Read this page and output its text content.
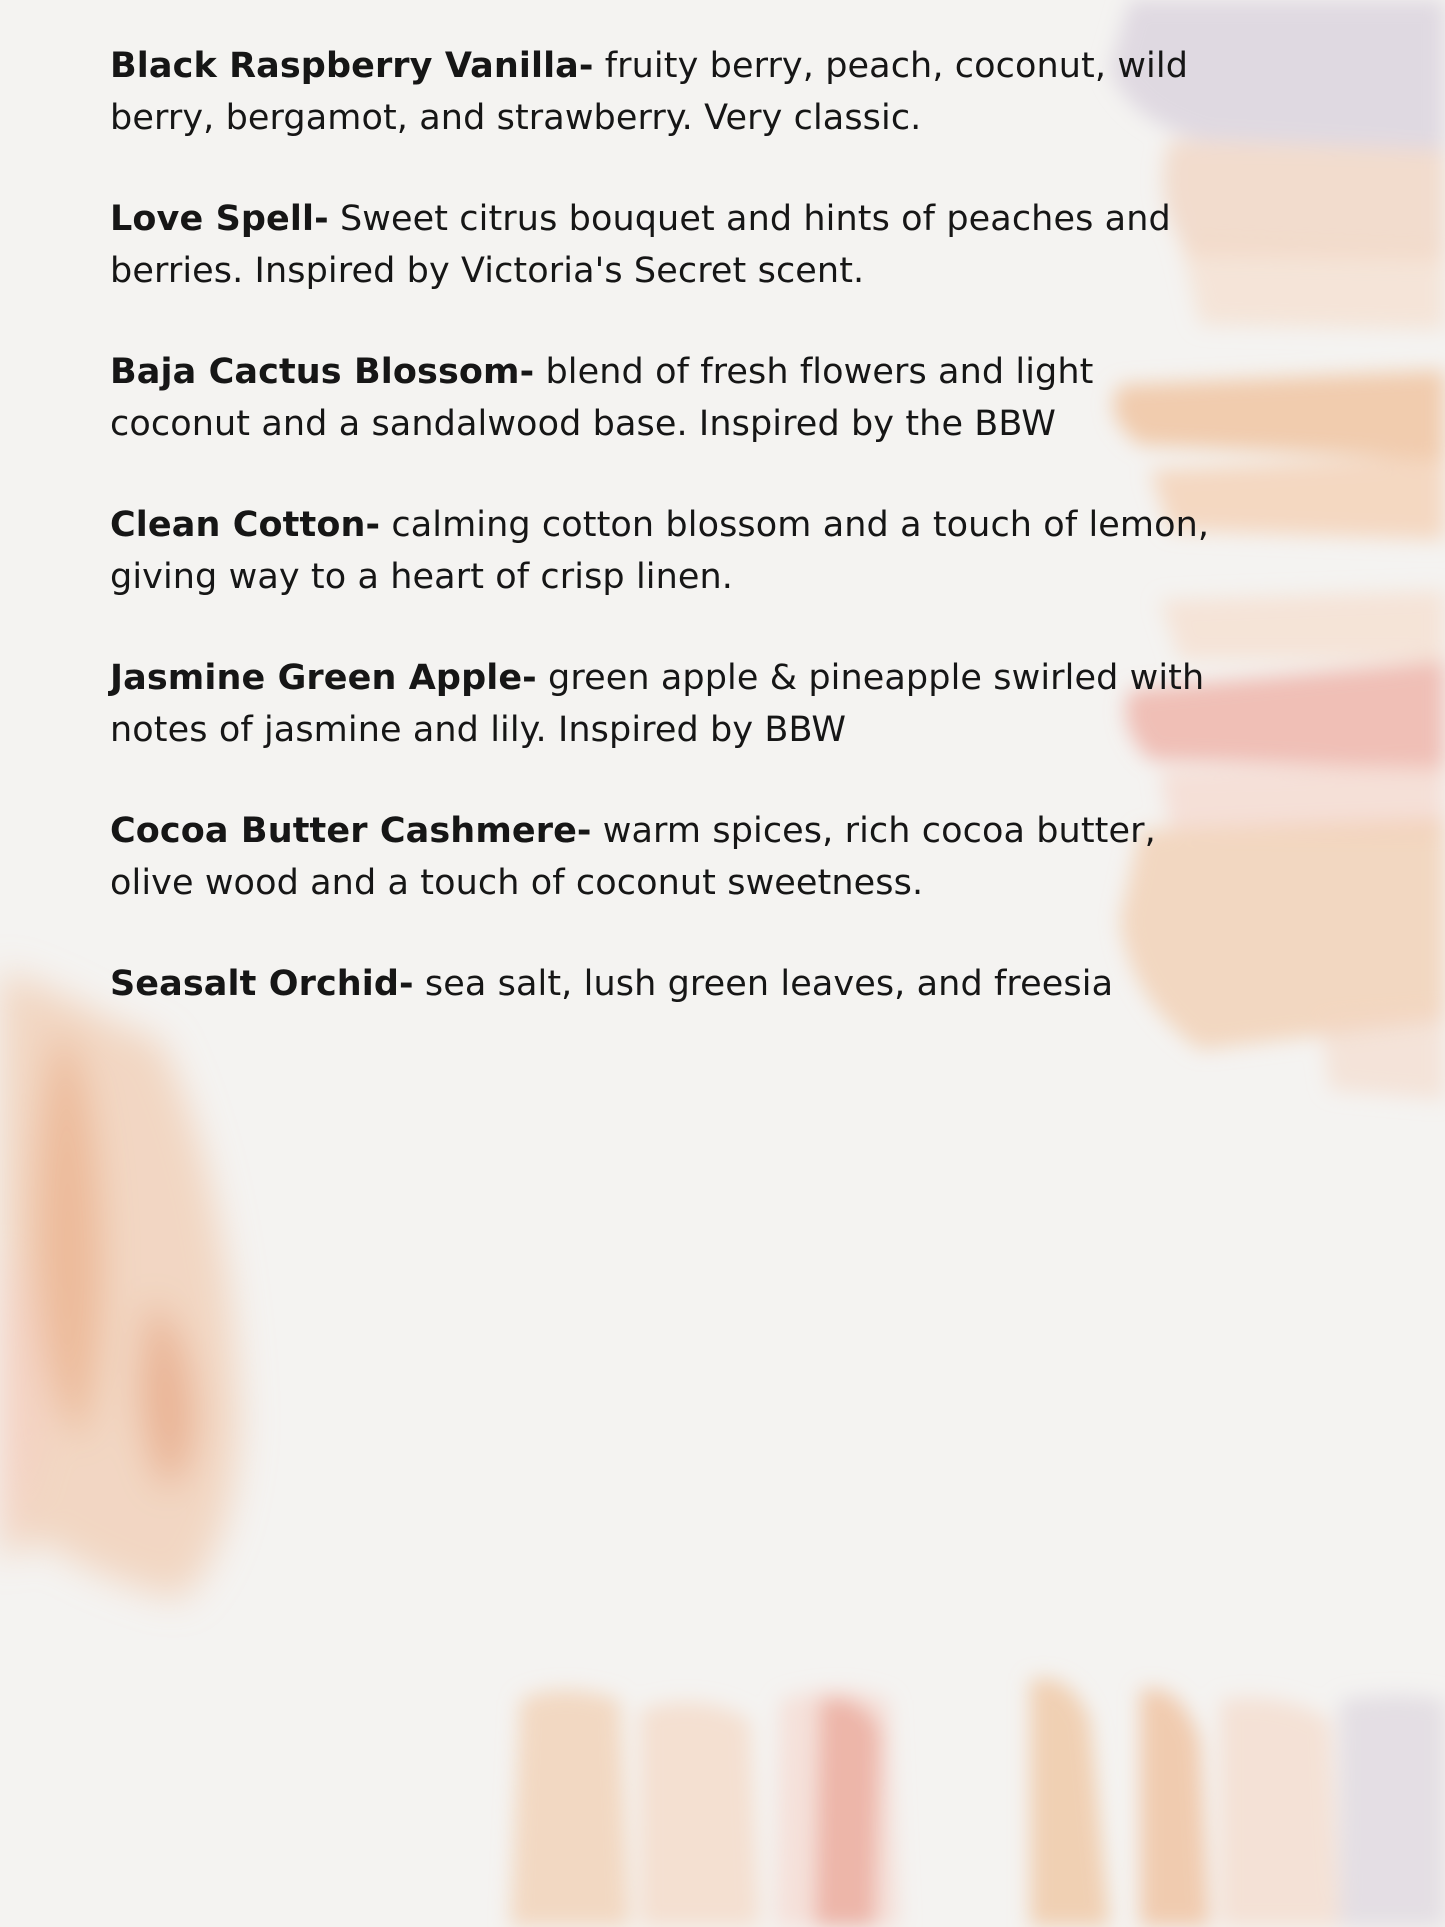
Black Raspberry Vanilla- fruity berry, peach, coconut, wild berry, bergamot, and strawberry. Very classic.

Love Spell- Sweet citrus bouquet and hints of peaches and berries. Inspired by Victoria's Secret scent.

Baja Cactus Blossom- blend of fresh flowers and light coconut and a sandalwood base. Inspired by the BBW

Clean Cotton- calming cotton blossom and a touch of lemon, giving way to a heart of crisp linen.

Jasmine Green Apple- green apple & pineapple swirled with notes of jasmine and lily. Inspired by BBW

Cocoa Butter Cashmere- warm spices, rich cocoa butter, olive wood and a touch of coconut sweetness.

Seasalt Orchid- sea salt, lush green leaves, and freesia
